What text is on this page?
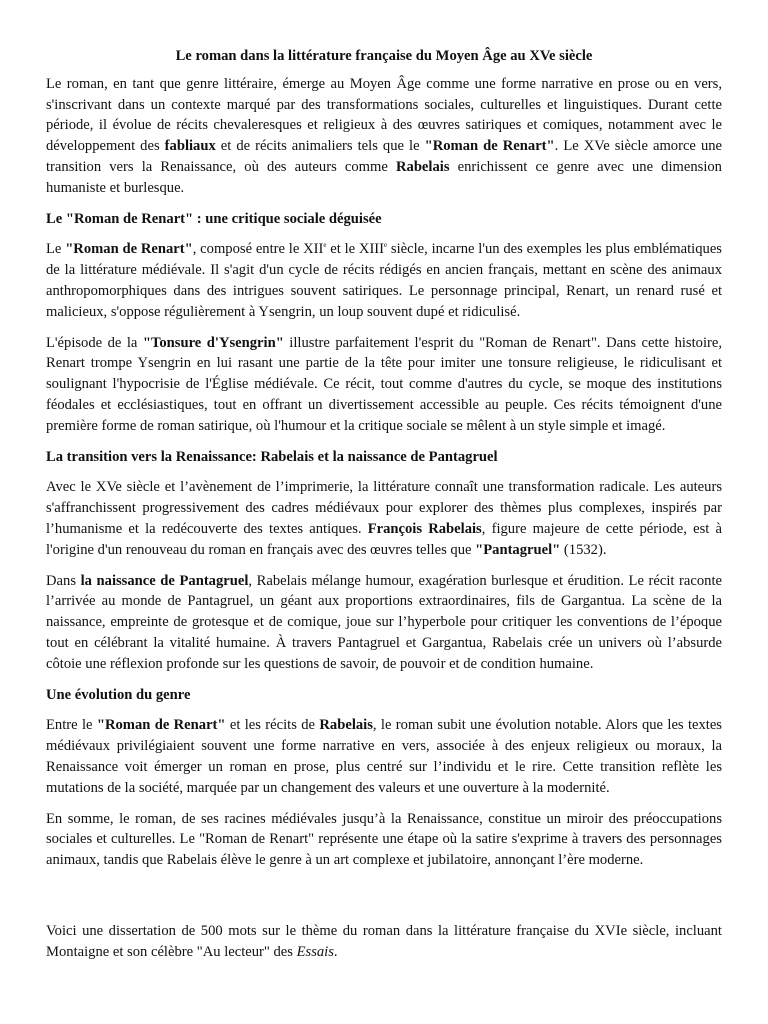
Le roman dans la littérature française du Moyen Âge au XVe siècle

Le roman, en tant que genre littéraire, émerge au Moyen Âge comme une forme narrative en prose ou en vers, s'inscrivant dans un contexte marqué par des transformations sociales, culturelles et linguistiques. Durant cette période, il évolue de récits chevaleresques et religieux à des œuvres satiriques et comiques, notamment avec le développement des fabliaux et de récits animaliers tels que le "Roman de Renart". Le XVe siècle amorce une transition vers la Renaissance, où des auteurs comme Rabelais enrichissent ce genre avec une dimension humaniste et burlesque.

Le "Roman de Renart" : une critique sociale déguisée

Le "Roman de Renart", composé entre le XIIe et le XIIIe siècle, incarne l'un des exemples les plus emblématiques de la littérature médiévale. Il s'agit d'un cycle de récits rédigés en ancien français, mettant en scène des animaux anthropomorphiques dans des intrigues souvent satiriques. Le personnage principal, Renart, un renard rusé et malicieux, s'oppose régulièrement à Ysengrin, un loup souvent dupé et ridiculisé.

L'épisode de la "Tonsure d'Ysengrin" illustre parfaitement l'esprit du "Roman de Renart". Dans cette histoire, Renart trompe Ysengrin en lui rasant une partie de la tête pour imiter une tonsure religieuse, le ridiculisant et soulignant l'hypocrisie de l'Église médiévale. Ce récit, tout comme d'autres du cycle, se moque des institutions féodales et ecclésiastiques, tout en offrant un divertissement accessible au peuple. Ces récits témoignent d'une première forme de roman satirique, où l'humour et la critique sociale se mêlent à un style simple et imagé.

La transition vers la Renaissance: Rabelais et la naissance de Pantagruel

Avec le XVe siècle et l’avènement de l’imprimerie, la littérature connaît une transformation radicale. Les auteurs s'affranchissent progressivement des cadres médiévaux pour explorer des thèmes plus complexes, inspirés par l’humanisme et la redécouverte des textes antiques. François Rabelais, figure majeure de cette période, est à l'origine d'un renouveau du roman en français avec des œuvres telles que "Pantagruel" (1532).

Dans la naissance de Pantagruel, Rabelais mélange humour, exagération burlesque et érudition. Le récit raconte l’arrivée au monde de Pantagruel, un géant aux proportions extraordinaires, fils de Gargantua. La scène de la naissance, empreinte de grotesque et de comique, joue sur l’hyperbole pour critiquer les conventions de l’époque tout en célébrant la vitalité humaine. À travers Pantagruel et Gargantua, Rabelais crée un univers où l’absurde côtoie une réflexion profonde sur les questions de savoir, de pouvoir et de condition humaine.

Une évolution du genre

Entre le "Roman de Renart" et les récits de Rabelais, le roman subit une évolution notable. Alors que les textes médiévaux privilégiaient souvent une forme narrative en vers, associée à des enjeux religieux ou moraux, la Renaissance voit émerger un roman en prose, plus centré sur l’individu et le rire. Cette transition reflète les mutations de la société, marquée par un changement des valeurs et une ouverture à la modernité.

En somme, le roman, de ses racines médiévales jusqu’à la Renaissance, constitue un miroir des préoccupations sociales et culturelles. Le "Roman de Renart" représente une étape où la satire s'exprime à travers des personnages animaux, tandis que Rabelais élève le genre à un art complexe et jubilatoire, annonçant l’ère moderne.

Voici une dissertation de 500 mots sur le thème du roman dans la littérature française du XVIe siècle, incluant Montaigne et son célèbre "Au lecteur" des Essais.
